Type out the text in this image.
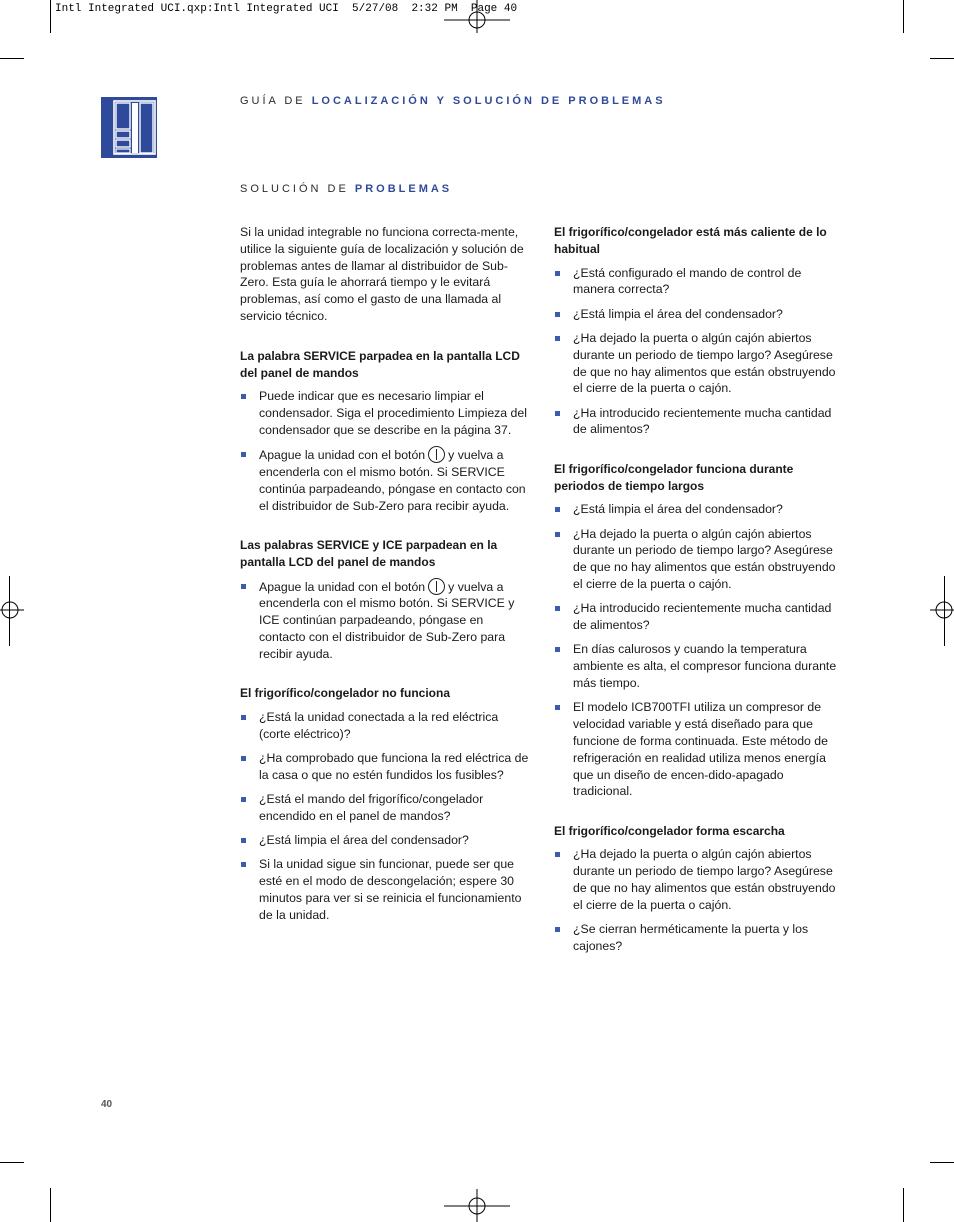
Intl Integrated UCI.qxp:Intl Integrated UCI  5/27/08  2:32 PM  Page 40
GUÍA DE LOCALIZACIÓN Y SOLUCIÓN DE PROBLEMAS
SOLUCIÓN DE PROBLEMAS

Si la unidad integrable no funciona correcta-mente, utilice la siguiente guía de localización y solución de problemas antes de llamar al distribuidor de Sub-Zero. Esta guía le ahorrará tiempo y le evitará problemas, así como el gasto de una llamada al servicio técnico.

La palabra SERVICE parpadea en la pantalla LCD del panel de mandos
Puede indicar que es necesario limpiar el condensador. Siga el procedimiento Limpieza del condensador que se describe en la página 37.
Apague la unidad con el botón y vuelva a encenderla con el mismo botón. Si SERVICE continúa parpadeando, póngase en contacto con el distribuidor de Sub-Zero para recibir ayuda.
Las palabras SERVICE y ICE parpadean en la pantalla LCD del panel de mandos
Apague la unidad con el botón y vuelva a encenderla con el mismo botón. Si SERVICE y ICE continúan parpadeando, póngase en contacto con el distribuidor de Sub-Zero para recibir ayuda.
El frigorífico/congelador no funciona
¿Está la unidad conectada a la red eléctrica (corte eléctrico)?
¿Ha comprobado que funciona la red eléctrica de la casa o que no estén fundidos los fusibles?
¿Está el mando del frigorífico/congelador encendido en el panel de mandos?
¿Está limpia el área del condensador?
Si la unidad sigue sin funcionar, puede ser que esté en el modo de descongelación; espere 30 minutos para ver si se reinicia el funcionamiento de la unidad.
El frigorífico/congelador está más caliente de lo habitual
¿Está configurado el mando de control de manera correcta?
¿Está limpia el área del condensador?
¿Ha dejado la puerta o algún cajón abiertos durante un periodo de tiempo largo? Asegúrese de que no hay alimentos que están obstruyendo el cierre de la puerta o cajón.
¿Ha introducido recientemente mucha cantidad de alimentos?
El frigorífico/congelador funciona durante periodos de tiempo largos
¿Está limpia el área del condensador?
¿Ha dejado la puerta o algún cajón abiertos durante un periodo de tiempo largo? Asegúrese de que no hay alimentos que están obstruyendo el cierre de la puerta o cajón.
¿Ha introducido recientemente mucha cantidad de alimentos?
En días calurosos y cuando la temperatura ambiente es alta, el compresor funciona durante más tiempo.
El modelo ICB700TFI utiliza un compresor de velocidad variable y está diseñado para que funcione de forma continuada. Este método de refrigeración en realidad utiliza menos energía que un diseño de encen-dido-apagado tradicional.
El frigorífico/congelador forma escarcha
¿Ha dejado la puerta o algún cajón abiertos durante un periodo de tiempo largo? Asegúrese de que no hay alimentos que están obstruyendo el cierre de la puerta o cajón.
¿Se cierran herméticamente la puerta y los cajones?
40
